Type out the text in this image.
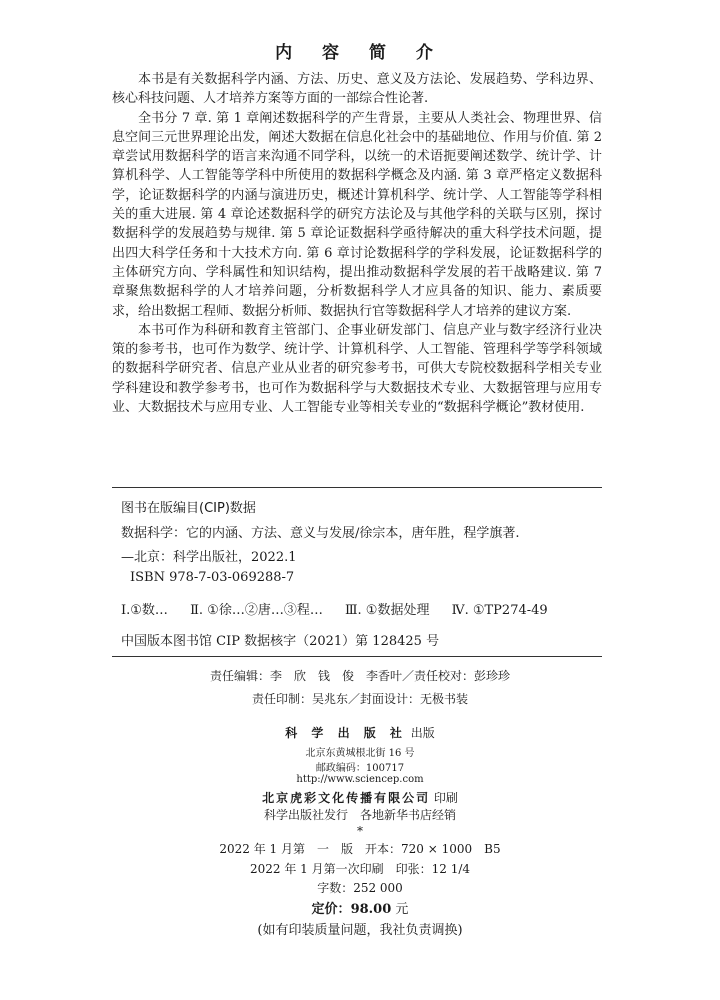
内 容 简 介

本书是有关数据科学内涵、方法、历史、意义及方法论、发展趋势、学科边界、核心科技问题、人才培养方案等方面的一部综合性论著.

全书分 7 章. 第 1 章阐述数据科学的产生背景，主要从人类社会、物理世界、信息空间三元世界理论出发，阐述大数据在信息化社会中的基础地位、作用与价值. 第 2 章尝试用数据科学的语言来沟通不同学科，以统一的术语扼要阐述数学、统计学、计算机科学、人工智能等学科中所使用的数据科学概念及内涵. 第 3 章严格定义数据科学，论证数据科学的内涵与演进历史，概述计算机科学、统计学、人工智能等学科相关的重大进展. 第 4 章论述数据科学的研究方法论及与其他学科的关联与区别，探讨数据科学的发展趋势与规律. 第 5 章论证数据科学亟待解决的重大科学技术问题，提出四大科学任务和十大技术方向. 第 6 章讨论数据科学的学科发展，论证数据科学的主体研究方向、学科属性和知识结构，提出推动数据科学发展的若干战略建议. 第 7 章聚焦数据科学的人才培养问题，分析数据科学人才应具备的知识、能力、素质要求，给出数据工程师、数据分析师、数据执行官等数据科学人才培养的建议方案.

本书可作为科研和教育主管部门、企事业研发部门、信息产业与数字经济行业决策的参考书，也可作为数学、统计学、计算机科学、人工智能、管理科学等学科领域的数据科学研究者、信息产业从业者的研究参考书，可供大专院校数据科学相关专业学科建设和教学参考书，也可作为数据科学与大数据技术专业、大数据管理与应用专业、大数据技术与应用专业、人工智能专业等相关专业的“数据科学概论”教材使用.

图书在版编目(CIP)数据
数据科学：它的内涵、方法、意义与发展/徐宗本，唐年胜，程学旗著.
—北京：科学出版社，2022.1
ISBN 978-7-03-069288-7
Ⅰ.①数… Ⅱ. ①徐…②唐…③程… Ⅲ. ①数据处理 Ⅳ. ①TP274-49
中国版本图书馆 CIP 数据核字（2021）第 128425 号
责任编辑：李　欣　钱　俊　李香叶／责任校对：彭珍珍
责任印制：吴兆东／封面设计：无极书装
科 学 出 版 社 出版
北京东黄城根北街 16 号
邮政编码：100717
http://www.sciencep.com
北京虎彩文化传播有限公司 印刷
科学出版社发行 各地新华书店经销
*
2022 年 1 月第　一　版 开本：720 × 1000　B5
2022 年 1 月第一次印刷 印张：12 1/4
字数：252 000
定价：98.00 元
(如有印装质量问题，我社负责调换)
